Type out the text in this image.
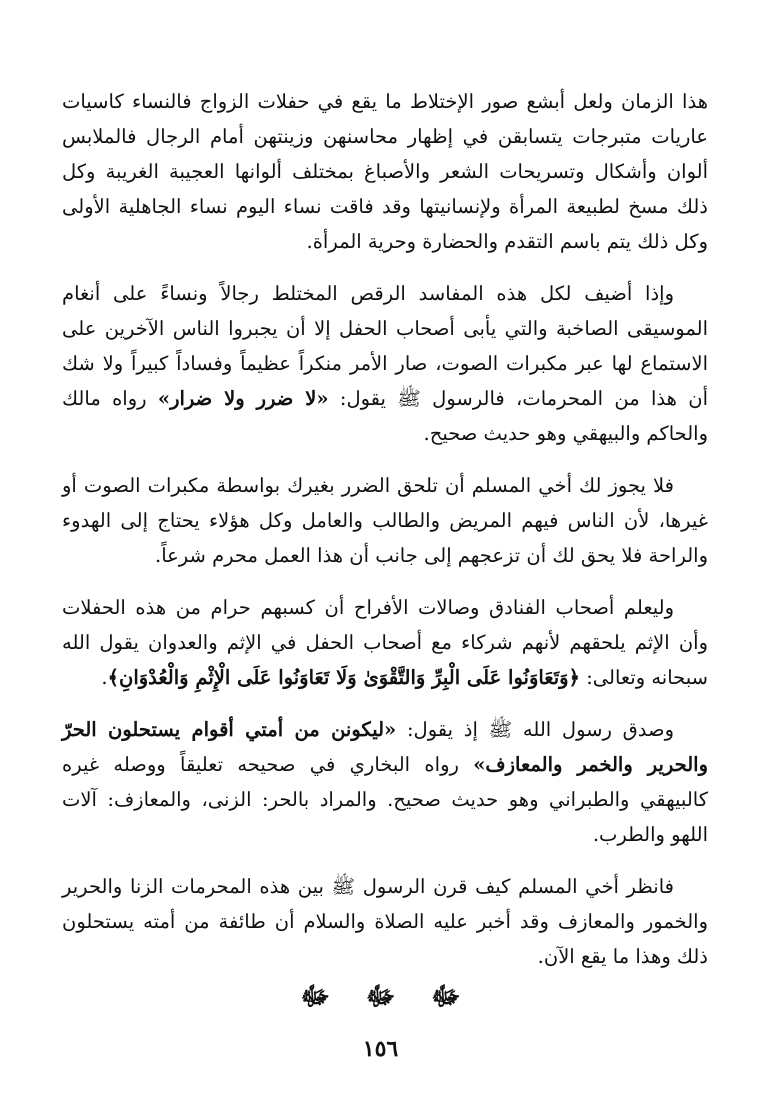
هذا الزمان ولعل أبشع صور الإختلاط ما يقع في حفلات الزواج فالنساء كاسيات عاريات متبرجات يتسابقن في إظهار محاسنهن وزينتهن أمام الرجال فالملابس ألوان وأشكال وتسريحات الشعر والأصباغ بمختلف ألوانها العجيبة الغريبة وكل ذلك مسخ لطبيعة المرأة ولإنسانيتها وقد فاقت نساء اليوم نساء الجاهلية الأولى وكل ذلك يتم باسم التقدم والحضارة وحرية المرأة.

وإذا أضيف لكل هذه المفاسد الرقص المختلط رجالاً ونساءً على أنغام الموسيقى الصاخبة والتي يأبى أصحاب الحفل إلا أن يجبروا الناس الآخرين على الاستماع لها عبر مكبرات الصوت، صار الأمر منكراً عظيماً وفساداً كبيراً ولا شك أن هذا من المحرمات، فالرسول ﷺ يقول: «لا ضرر ولا ضرار» رواه مالك والحاكم والبيهقي وهو حديث صحيح.

فلا يجوز لك أخي المسلم أن تلحق الضرر بغيرك بواسطة مكبرات الصوت أو غيرها، لأن الناس فيهم المريض والطالب والعامل وكل هؤلاء يحتاج إلى الهدوء والراحة فلا يحق لك أن تزعجهم إلى جانب أن هذا العمل محرم شرعاً.

وليعلم أصحاب الفنادق وصالات الأفراح أن كسبهم حرام من هذه الحفلات وأن الإثم يلحقهم لأنهم شركاء مع أصحاب الحفل في الإثم والعدوان يقول الله سبحانه وتعالى: ﴿وَتَعَاوَنُوا عَلَى الْبِرِّ وَالتَّقْوَىٰ وَلَا تَعَاوَنُوا عَلَى الْإِثْمِ وَالْعُدْوَانِ﴾.

وصدق رسول الله ﷺ إذ يقول: «ليكونن من أمتي أقوام يستحلون الحرّ والحرير والخمر والمعازف» رواه البخاري في صحيحه تعليقاً ووصله غيره كالبيهقي والطبراني وهو حديث صحيح. والمراد بالحر: الزنى، والمعازف: آلات اللهو والطرب.

فانظر أخي المسلم كيف قرن الرسول ﷺ بين هذه المحرمات الزنا والحرير والخمور والمعازف وقد أخبر عليه الصلاة والسلام أن طائفة من أمته يستحلون ذلك وهذا ما يقع الآن.

ﷻ ﷻ ﷻ
١٥٦
